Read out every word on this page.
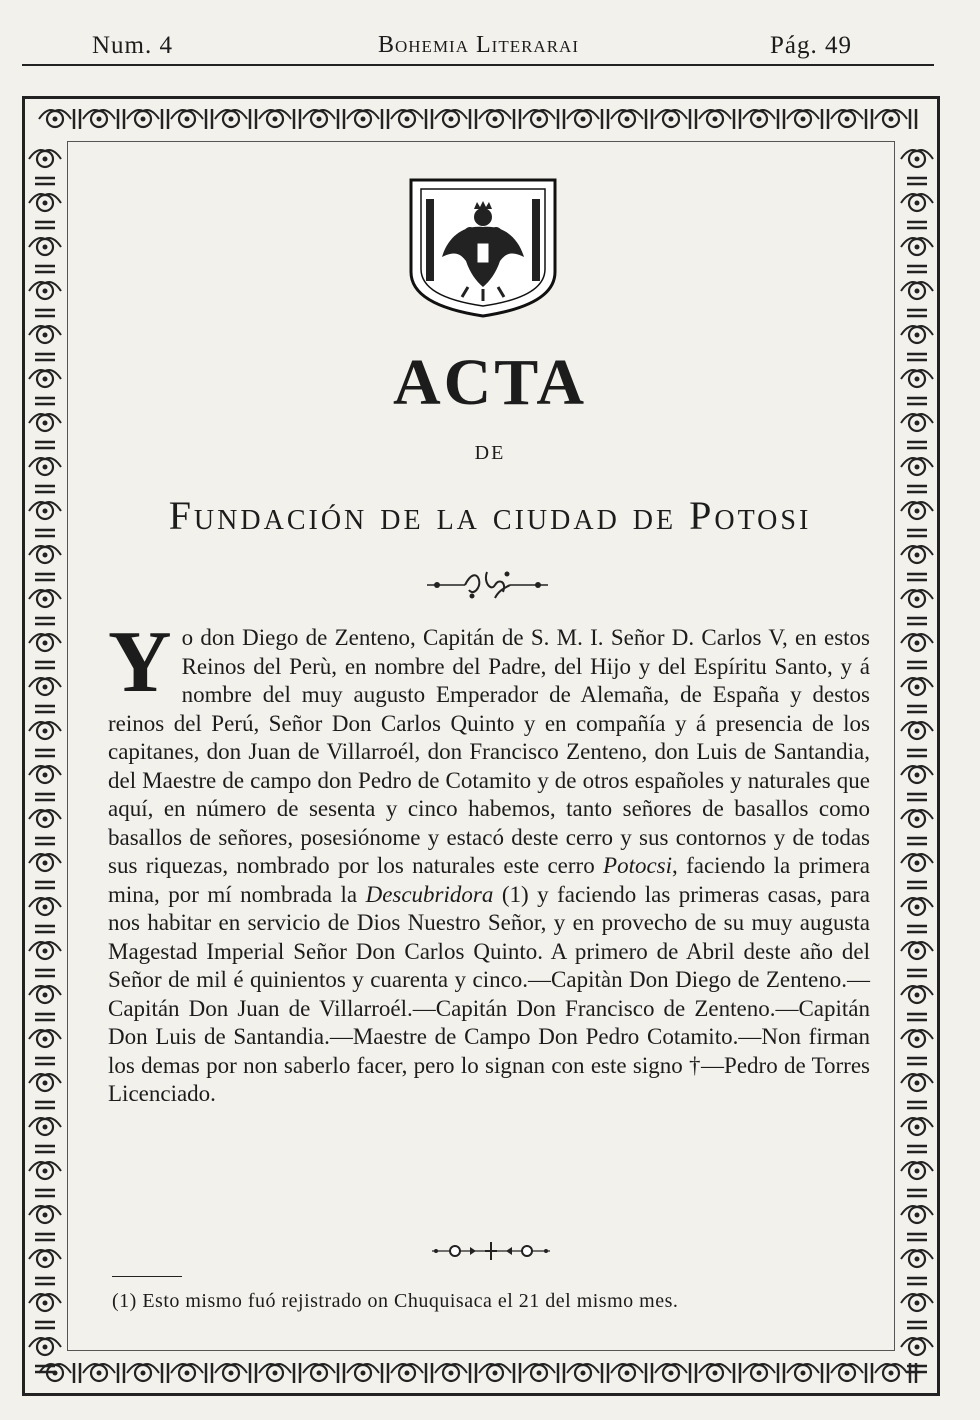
Num. 4	Bohemia Literarai	Pág. 49
ACTA
DE
Fundación de la ciudad de Potosi
Yo don Diego de Zenteno, Capitán de S. M. I. Señor D. Carlos V, en estos Reinos del Perù, en nombre del Padre, del Hijo y del Espíritu Santo, y á nombre del muy augusto Emperador de Alemaña, de España y destos reinos del Perú, Señor Don Carlos Quinto y en compañía y á presencia de los capitanes, don Juan de Villarroél, don Francisco Zenteno, don Luis de Santandia, del Maestre de campo don Pedro de Cotamito y de otros españoles y naturales que aquí, en número de sesenta y cinco habemos, tanto señores de basallos como basallos de señores, posesiónome y estacó deste cerro y sus contornos y de todas sus riquezas, nombrado por los naturales este cerro Potocsi, faciendo la primera mina, por mí nombrada la Descubridora (1) y faciendo las primeras casas, para nos habitar en servicio de Dios Nuestro Señor, y en provecho de su muy augusta Magestad Imperial Señor Don Carlos Quinto. A primero de Abril deste año del Señor de mil é quinientos y cuarenta y cinco.—Capitàn Don Diego de Zenteno.—Capitán Don Juan de Villarroél.—Capitán Don Francisco de Zenteno.—Capitán Don Luis de Santandia.—Maestre de Campo Don Pedro Cotamito.—Non firman los demas por non saberlo facer, pero lo signan con este signo †—Pedro de Torres Licenciado.
(1) Esto mismo fuó rejistrado on Chuquisaca el 21 del mismo mes.
